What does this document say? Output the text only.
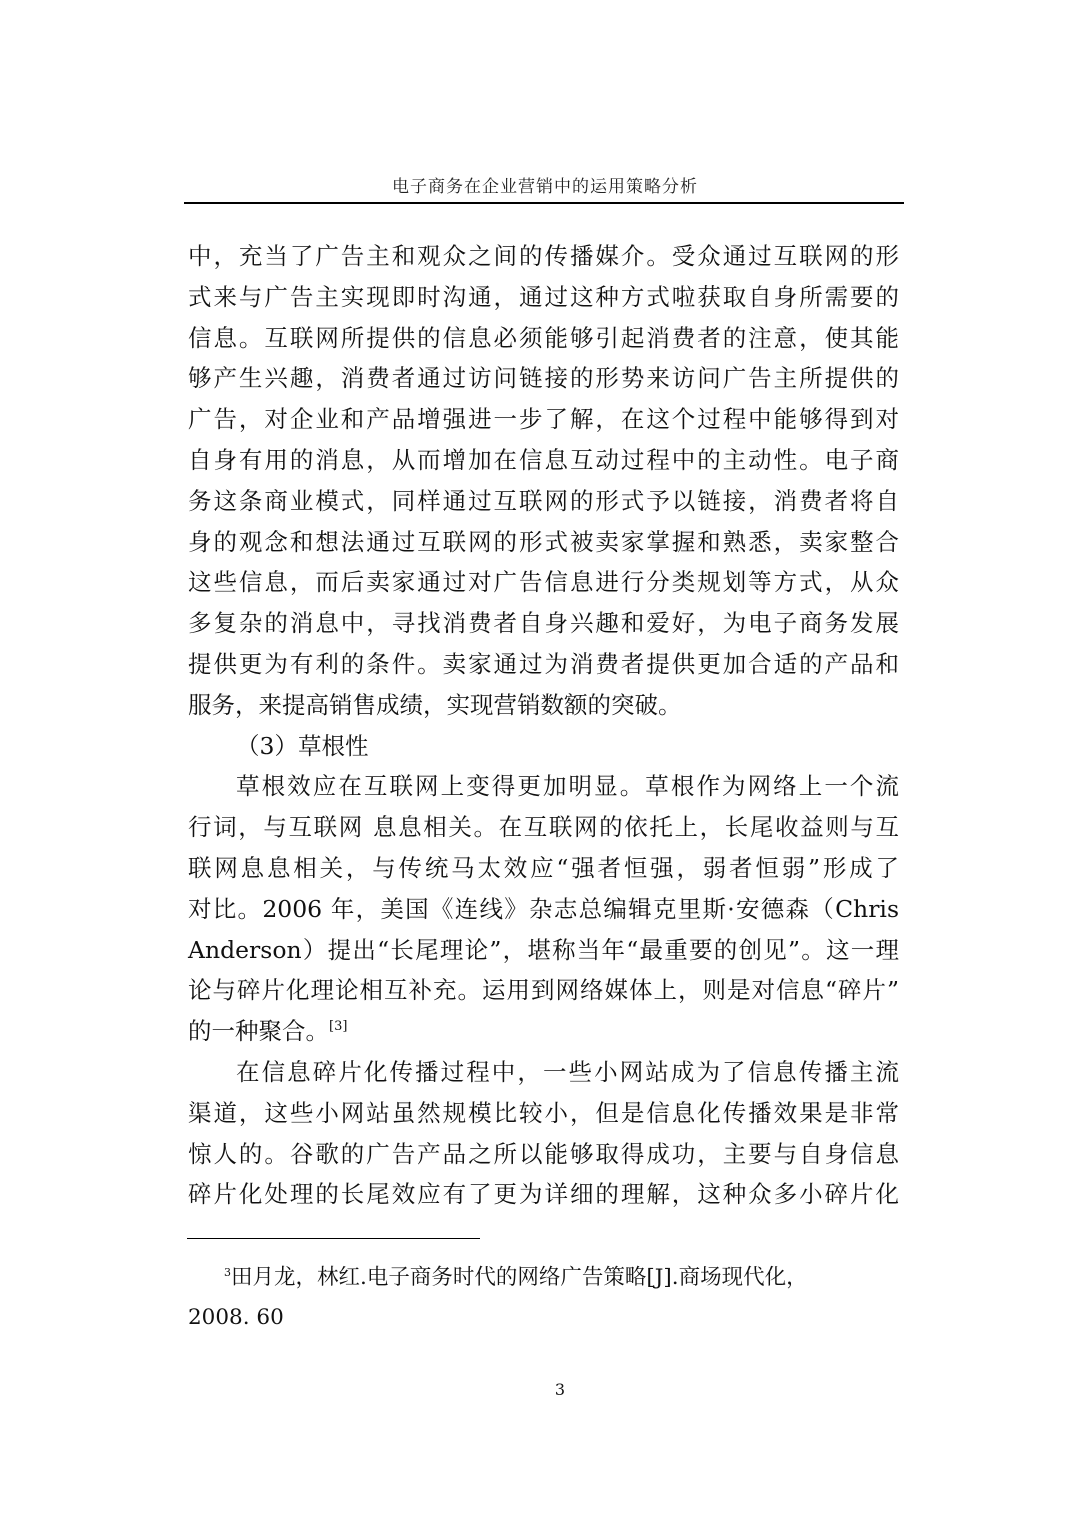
电子商务在企业营销中的运用策略分析
中，充当了广告主和观众之间的传播媒介。受众通过互联网的形
式来与广告主实现即时沟通，通过这种方式啦获取自身所需要的
信息。互联网所提供的信息必须能够引起消费者的注意，使其能
够产生兴趣，消费者通过访问链接的形势来访问广告主所提供的
广告，对企业和产品增强进一步了解，在这个过程中能够得到对
自身有用的消息，从而增加在信息互动过程中的主动性。电子商
务这条商业模式，同样通过互联网的形式予以链接，消费者将自
身的观念和想法通过互联网的形式被卖家掌握和熟悉，卖家整合
这些信息，而后卖家通过对广告信息进行分类规划等方式，从众
多复杂的消息中，寻找消费者自身兴趣和爱好，为电子商务发展
提供更为有利的条件。卖家通过为消费者提供更加合适的产品和
服务，来提高销售成绩，实现营销数额的突破。
（3）草根性
草根效应在互联网上变得更加明显。草根作为网络上一个流
行词，与互联网 息息相关。在互联网的依托上，长尾收益则与互
联网息息相关，与传统马太效应“强者恒强，弱者恒弱”形成了
对比。2006 年，美国《连线》杂志总编辑克里斯·安德森（Chris
Anderson）提出“长尾理论”，堪称当年“最重要的创见”。这一理
论与碎片化理论相互补充。运用到网络媒体上，则是对信息“碎片”
的一种聚合。[3]
在信息碎片化传播过程中，一些小网站成为了信息传播主流
渠道，这些小网站虽然规模比较小，但是信息化传播效果是非常
惊人的。谷歌的广告产品之所以能够取得成功，主要与自身信息
碎片化处理的长尾效应有了更为详细的理解，这种众多小碎片化
$^3$田月龙，林红.电子商务时代的网络广告策略[J].商场现代化，
2008. 60
3
